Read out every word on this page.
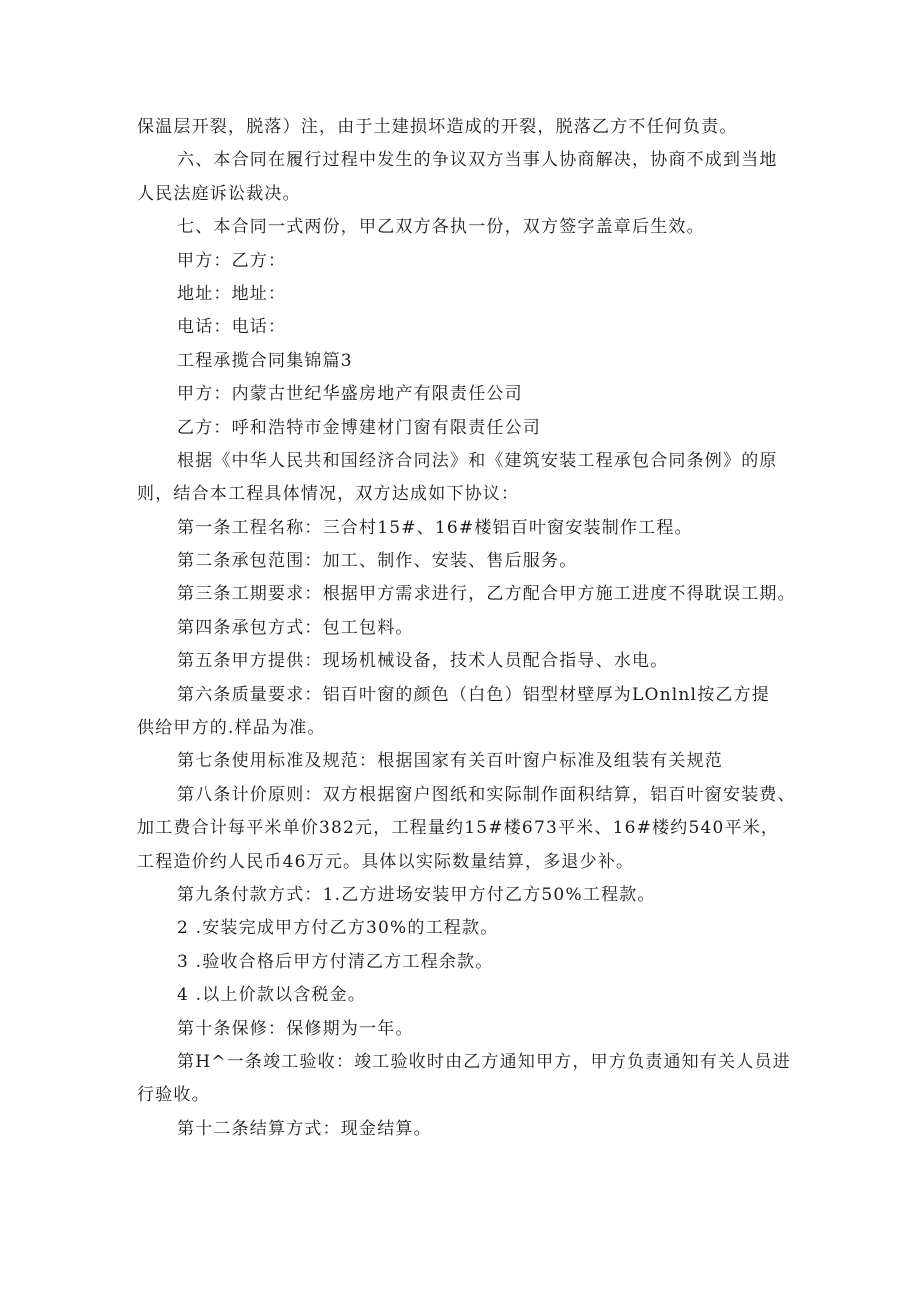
保温层开裂，脱落）注，由于土建损坏造成的开裂，脱落乙方不任何负责。
六、本合同在履行过程中发生的争议双方当事人协商解决，协商不成到当地
人民法庭诉讼裁决。
七、本合同一式两份，甲乙双方各执一份，双方签字盖章后生效。
甲方：乙方：
地址：地址：
电话：电话：
工程承揽合同集锦篇3
甲方：内蒙古世纪华盛房地产有限责任公司
乙方：呼和浩特市金博建材门窗有限责任公司
根据《中华人民共和国经济合同法》和《建筑安装工程承包合同条例》的原
则，结合本工程具体情况，双方达成如下协议：
第一条工程名称：三合村15#、16#楼铝百叶窗安装制作工程。
第二条承包范围：加工、制作、安装、售后服务。
第三条工期要求：根据甲方需求进行，乙方配合甲方施工进度不得耽误工期。
第四条承包方式：包工包料。
第五条甲方提供：现场机械设备，技术人员配合指导、水电。
第六条质量要求：铝百叶窗的颜色（白色）铝型材壁厚为LOnlnl按乙方提
供给甲方的.样品为准。
第七条使用标准及规范：根据国家有关百叶窗户标准及组装有关规范
第八条计价原则：双方根据窗户图纸和实际制作面积结算，铝百叶窗安装费、
加工费合计每平米单价382元，工程量约15#楼673平米、16#楼约540平米，
工程造价约人民币46万元。具体以实际数量结算，多退少补。
第九条付款方式：1.乙方进场安装甲方付乙方50%工程款。
2 .安装完成甲方付乙方30%的工程款。
3 .验收合格后甲方付清乙方工程余款。
4 .以上价款以含税金。
第十条保修：保修期为一年。
第H^一条竣工验收：竣工验收时由乙方通知甲方，甲方负责通知有关人员进
行验收。
第十二条结算方式：现金结算。
